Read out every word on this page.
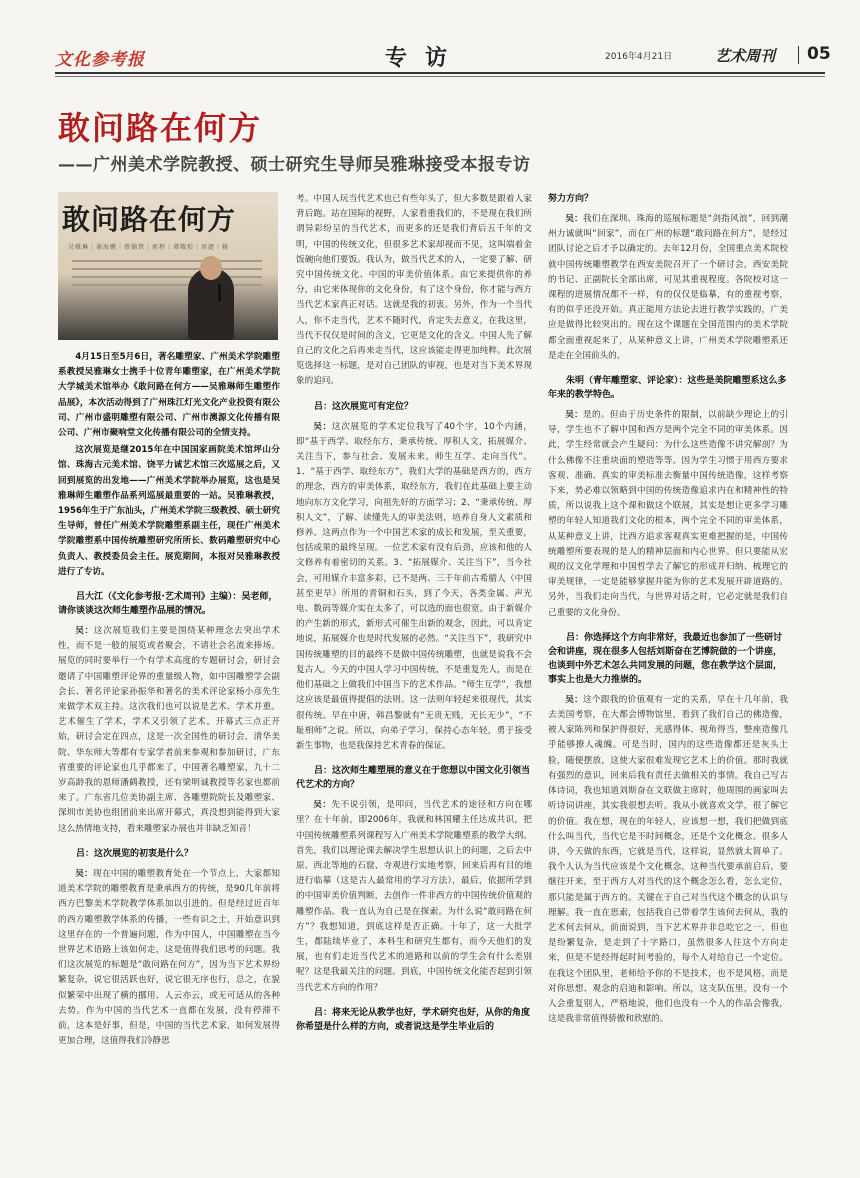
文化参考报	专访	2016年4月21日	艺术周刊 05
敢问路在何方
——广州美术学院教授、硕士研究生导师吴雅琳接受本报专访
敢问路在何方
吴雅琳｜谢海鹏｜蔡翰贤｜郭程｜谭耀煌｜周捷｜姚

4月15日至5月6日，著名雕塑家、广州美术学院雕塑系教授吴雅琳女士携手十位青年雕塑家，在广州美术学院大学城美术馆举办《敢问路在何方——吴雅琳师生雕塑作品展》，本次活动得到了广州珠江灯光文化产业投资有限公司、广州市盛明雕塑有限公司、广州市澳源文化传播有限公司、广州市聚响堂文化传播有限公司的全情支持。

这次展览是继2015年在中国国家画院美术馆坪山分馆、珠海古元美术馆、饶平力诚艺术馆三次巡展之后，又回到展览的出发地——广州美术学院举办展览，这也是吴雅琳师生雕塑作品系列巡展最重要的一站。吴雅琳教授，1956年生于广东汕头，广州美术学院三级教授、硕士研究生导师，曾任广州美术学院雕塑系副主任，现任广州美术学院雕塑系中国传统雕塑研究所所长、数码雕塑研究中心负责人、教授委员会主任。展览期间，本报对吴雅琳教授进行了专访。

吕大江（《文化参考报·艺术周刊》主编）：吴老师，请你谈谈这次师生雕塑作品展的情况。

吴：这次展览我们主要是围绕某种理念去突出学术性，而不是一般的展览或者聚会，不请社会名流来捧场。展览的同时要举行一个有学术高度的专题研讨会，研讨会邀请了中国雕塑评论界的重量级人物，如中国雕塑学会副会长、著名评论家孙振华和著名的美术评论家杨小彦先生来做学术双主持。这次我们也可以说是艺术、学术并重。艺术催生了学术，学术又引领了艺术。开幕式三点正开始，研讨会定在四点，这是一次全国性的研讨会，清华美院、华东师大等都有专家学者前来参观和参加研讨，广东省重要的评论家也几乎都来了，中国著名雕塑家，九十二岁高龄我的恩师潘鹤教授，还有梁明诚教授等名家也都前来了。广东省几位美协副主席、各雕塑院院长及雕塑家、深圳市美协也组团前来出席开幕式，真没想到能得到大家这么热情地支持，看来雕塑家办展也并非缺乏知音！

吕：这次展览的初衷是什么？

吴：现在中国的雕塑教育处在一个节点上，大家都知道美术学院的雕塑教育是秉承西方的传统，是90几年前将西方巴黎美术学院教学体系加以引进的。但是经过近百年的西方雕塑教学体系的传播，一些有识之士，开始意识到这里存在的一个普遍问题，作为中国人，中国雕塑在当今世界艺术语路上该如何走，这是值得我们思考的问题。我们这次展览的标题是“敢问路在何方”，因为当下艺术界纷繁复杂，说它很活跃也好，说它很无序也行，总之，在貌似繁荣中出现了横的挪用、人云亦云，或无可适从的各种去势。作为中国的当代艺术一直都在发展，没有停滞不前，这本是好事，但是，中国的当代艺术家，如何发展得更加合理，这值得我们冷静思

考。中国人玩当代艺术也已有些年头了，但大多数是跟着人家背后跑。站在国际的视野，人家看重我们的，不是现在我们所谓异彩纷呈的当代艺术，而更多的还是我们背后五千年的文明，中国的传统文化，但很多艺术家却视而不见，这叫端着金饭碗向他们要饭。我认为，做当代艺术的人，一定要了解、研究中国传统文化、中国的审美价值体系。由它来提供你的养分，由它来体现你的文化身份，有了这个身份，你才能与西方当代艺术家真正对话。这就是我的初衷。另外，作为一个当代人，你不走当代，艺术不随时代，肯定失去意义，在我这里，当代不仅仅是时间的含义，它更是文化的含义。中国人先了解自己的文化之后再来走当代，这应该能走得更加纯粹。此次展览选择这一标题，是对自己团队的审视，也是对当下美术界现象的追问。

吕：这次展览可有定位？

吴：这次展览的学术定位我写了40个字，10个内涵，即“基于西学、取经东方，秉承传统、厚积人文，拓展媒介、关注当下，参与社会、发展未来，师生互学、走向当代”。1、“基于西学、取经东方”，我们大学的基础是西方的，西方的理念，西方的审美体系，取经东方，我们在此基础上要主动地向东方文化学习，向祖先好的方面学习；2、“秉承传统、厚积人文”，了解、读懂先人的审美法则，培养自身人文素质和修养。这两点作为一个中国艺术家的成长和发展，至关重要，包括成果的最终呈现。一位艺术家有没有后劲，应该和他的人文修养有着密切的关系。3、“拓展媒介、关注当下”，当今社会，可用媒介丰富多彩，已不是两、三千年前古希腊人（中国甚至更早）所用的青铜和石头，到了今天，各类金属、声光电、数码等媒介实在太多了，可以选的面也很宽。由于新媒介的产生新的形式，新形式可催生出新的观念，因此，可以肯定地说，拓展媒介也是时代发展的必然。“关注当下”，我研究中国传统雕塑的目的最终不是做中国传统雕塑，也就是说我不会复古人。今天的中国人学习中国传统，不是重复先人，而是在他们基础之上做我们中国当下的艺术作品。“师生互学”，我想这应该是最值得提倡的法则。这一法则年轻起来很现代，其实很传统。早在中唐，韩昌黎就有“无贵无贱，无长无少”，“不耻相师”之说。所以，向弟子学习，保持心态年轻，勇于接受新生事物，也是我保持艺术青春的保证。

吕：这次师生雕塑展的意义在于您想以中国文化引领当代艺术的方向？

吴：先不说引领，是叩问，当代艺术的途径和方向在哪里？在十年前，即2006年，我就和林国耀主任达成共识，把中国传统雕塑系列课程写入广州美术学院雕塑系的教学大纲。首先，我们以理论课去解决学生思想认识上的问题，之后去中原、西北等地的石窟、寺观进行实地考察，回来后再有目的地进行临摹（这是古人最常用的学习方法），最后，依据所学到的中国审美价值判断，去创作一件非西方的中国传统价值观的雕塑作品。我一直认为自己是在探索。为什么说“敢问路在何方”？我想知道，到底这样是否正确。十年了，这一大批学生，都陆续毕业了，本科生和研究生都有，而今天他们的发展，也有们走近当代艺术的道路和以前的学生会有什么差别呢？这是我最关注的问题。到底，中国传统文化能否起到引领当代艺术方向的作用？

吕：将来无论从教学也好，学术研究也好，从你的角度你希望是什么样的方向，或者说这是学生毕业后的
努力方向？

吴：我们在深圳、珠海的巡展标题是“剑指风浪”，回到潮州力诚就叫“回家”，而在广州的标题“敢问路在何方”，是经过团队讨论之后才予以确定的。去年12月份，全国重点美术院校就中国传统雕塑教学在西安美院召开了一个研讨会，西安美院的书记、正副院长全部出席，可见其重视程度。各院校对这一课程的进展情况都不一样，有的仅仅是临摹，有的重视考察，有的似乎还没开始。真正能用方法论去进行教学实践的，广美应是做得比较突出的。现在这个课题在全国范围内的美术学院都全面重视起来了，从某种意义上讲，广州美术学院雕塑系还是走在全国前头的。

朱明（青年雕塑家、评论家）：这些是美院雕塑系这么多年来的教学特色。

吴：是的。但由于历史条件的限制，以前缺少理论上的引导，学生也不了解中国和西方是两个完全不同的审美体系。因此，学生经常就会产生疑问：为什么这些造像不讲究解剖？为什么佛像不注重块面的塑造等等。因为学生习惯于用西方要求客观、准确、真实的审美标准去衡量中国传统造像，这样考察下来，势必难以领略到中国的传统造像追求内在和精神性的特质，所以说我上这个课和做这个联展，其实是想让更多学习雕塑的年轻人知道我们文化的根本，两个完全不同的审美体系，从某种意义上讲，比西方追求客观真实更难把握的是，中国传统雕塑所要表现的是人的精神层面和内心世界。但只要能从宏观的汉文化学理和中国哲学去了解它的形成并归纳、梳理它的审美规律，一定是能够掌握并能为你的艺术发展开辟道路的。另外，当我们走向当代，与世界对话之时，它必定就是我们自己重要的文化身份。

吕：你选择这个方向非常好，我最近也参加了一些研讨会和讲座，现在很多人包括刘斯奋在艺博院做的一个讲座，也谈到中外艺术怎么共同发展的问题，您在教学这个层面，事实上也是大力推崇的。

吴：这个跟我的价值观有一定的关系，早在十几年前，我去美国考察，在大都会博物馆里，看到了我们自己的佛造像，被人家陈列和保护得很好，光感得体、视角得当，整座造像几乎能够撩人魂魄。可是当时，国内的这些造像都还是灰头土脸，随便摆放，这使大家很难发现它艺术上的价值。那时我就有强烈的意识，回来后我有责任去做相关的事情。我自己写古体诗词，我也知道刘斯奋在文联做主席时，他周围的画家叫去听诗词讲座，其实我很想去听。我从小就喜欢文学，很了解它的价值。我在想，现在的年轻人，应该想一想，我们把做到底什么叫当代，当代它是不时间概念，还是个文化概念。很多人讲，今天做的东西，它就是当代，这样说，显然就太简单了。我个人认为当代应该是个文化概念，这种当代要承前启后，要继往开来，至于西方人对当代的这个概念怎么看，怎么定位，那只能是属于西方的。关键在于自己对当代这个概念的认识与理解。我一直在思索，包括我自己带着学生该何去何从，我的艺术何去何从，前面说到，当下艺术界并非总吃它之一，但也是纷繁复杂，是走到了十字路口，虽然很多人往这个方向走来，但是不是经得起时间考验的，每个人对给自己一个定位。在我这个团队里，老师给予你的不是技术，也不是风格，而是对你思想、观念的启迪和影响。所以，这支队伍里，没有一个人会重复别人，严格地说，他们也没有一个人的作品会像我，这是我非常值得骄傲和欣慰的。
